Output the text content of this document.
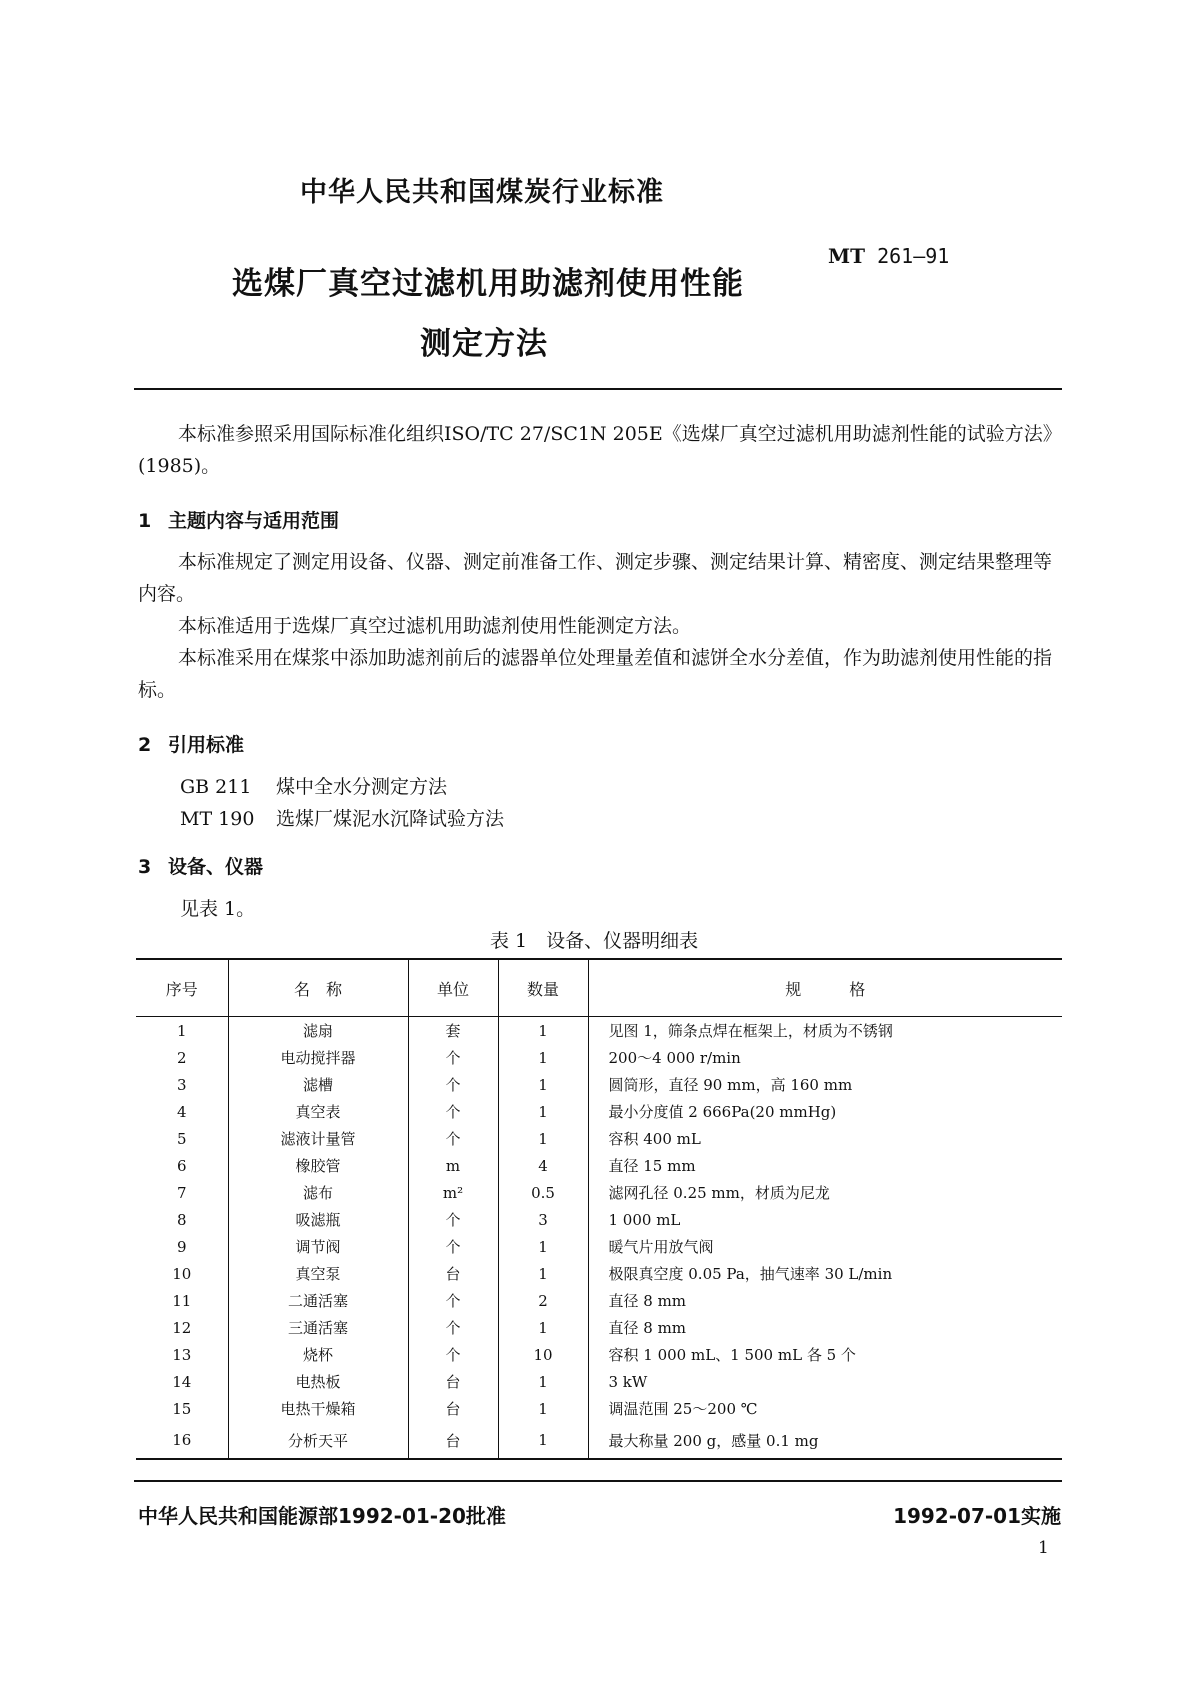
中华人民共和国煤炭行业标准
MT 261—91
选煤厂真空过滤机用助滤剂使用性能
测定方法
本标准参照采用国际标准化组织ISO/TC 27/SC1N 205E《选煤厂真空过滤机用助滤剂性能的试验方法》(1985)。
1 主题内容与适用范围
本标准规定了测定用设备、仪器、测定前准备工作、测定步骤、测定结果计算、精密度、测定结果整理等内容。
本标准适用于选煤厂真空过滤机用助滤剂使用性能测定方法。
本标准采用在煤浆中添加助滤剂前后的滤器单位处理量差值和滤饼全水分差值，作为助滤剂使用性能的指标。
2 引用标准
GB 211 煤中全水分测定方法
MT 190 选煤厂煤泥水沉降试验方法
3 设备、仪器
见表 1。
表 1　设备、仪器明细表
序号	名　称	单位	数量	规　　　格
1	滤扇	套	1	见图 1，筛条点焊在框架上，材质为不锈钢
2	电动搅拌器	个	1	200～4 000 r/min
3	滤槽	个	1	圆筒形，直径 90 mm，高 160 mm
4	真空表	个	1	最小分度值 2 666Pa(20 mmHg)
5	滤液计量管	个	1	容积 400 mL
6	橡胶管	m	4	直径 15 mm
7	滤布	m²	0.5	滤网孔径 0.25 mm，材质为尼龙
8	吸滤瓶	个	3	1 000 mL
9	调节阀	个	1	暖气片用放气阀
10	真空泵	台	1	极限真空度 0.05 Pa，抽气速率 30 L/min
11	二通活塞	个	2	直径 8 mm
12	三通活塞	个	1	直径 8 mm
13	烧杯	个	10	容积 1 000 mL、1 500 mL 各 5 个
14	电热板	台	1	3 kW
15	电热干燥箱	台	1	调温范围 25～200 ℃
16	分析天平	台	1	最大称量 200 g，感量 0.1 mg
中华人民共和国能源部1992-01-20批准	1992-07-01实施
1
